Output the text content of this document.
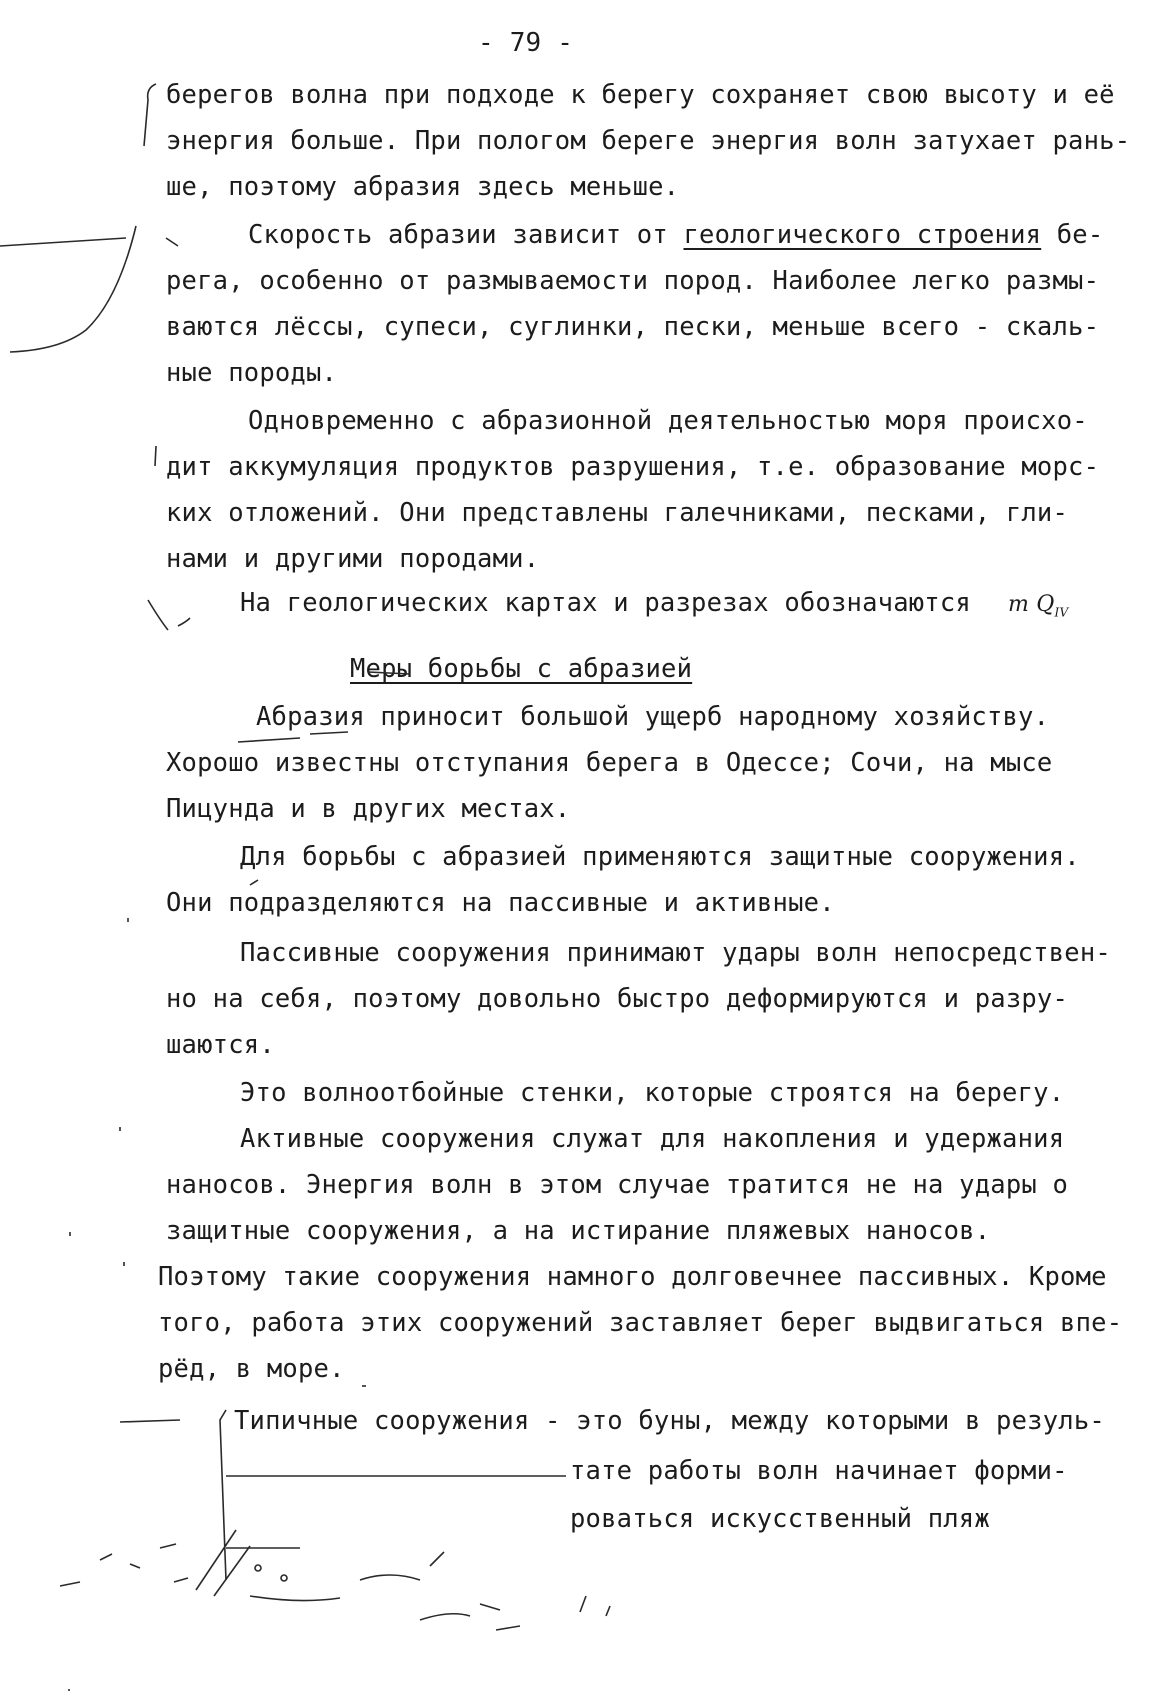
- 79 -
берегов волна при подходе к берегу сохраняет свою высоту и её
энергия больше. При пологом береге энергия волн затухает рань-
ше, поэтому абразия здесь меньше.
Скорость абразии зависит от геологического строения бе-
рега, особенно от размываемости пород. Наиболее легко размы-
ваются лёссы, супеси, суглинки, пески, меньше всего - скаль-
ные породы.
Одновременно с абразионной деятельностью моря происхо-
дит аккумуляция продуктов разрушения, т.е. образование морс-
ких отложений. Они представлены галечниками, песками, гли-
нами и другими породами.
На геологических картах и разрезах обозначаются m $Q_{IV}$
Меры борьбы с абразией
Абразия приносит большой ущерб народному хозяйству.
Хорошо известны отступания берега в Одессе; Сочи, на мысе
Пицунда и в других местах.
Для борьбы с абразией применяются защитные сооружения.
Они подразделяются на пассивные и активные.
Пассивные сооружения принимают удары волн непосредствен-
но на себя, поэтому довольно быстро деформируются и разру-
шаются.
Это волноотбойные стенки, которые строятся на берегу.
Активные сооружения служат для накопления и удержания
наносов. Энергия волн в этом случае тратится не на удары о
защитные сооружения, а на истирание пляжевых наносов.
Поэтому такие сооружения намного долговечнее пассивных. Кроме
того, работа этих сооружений заставляет берег выдвигаться впе-
рёд, в море.
Типичные сооружения - это буны, между которыми в резуль-
тате работы волн начинает форми-
роваться искусственный пляж
